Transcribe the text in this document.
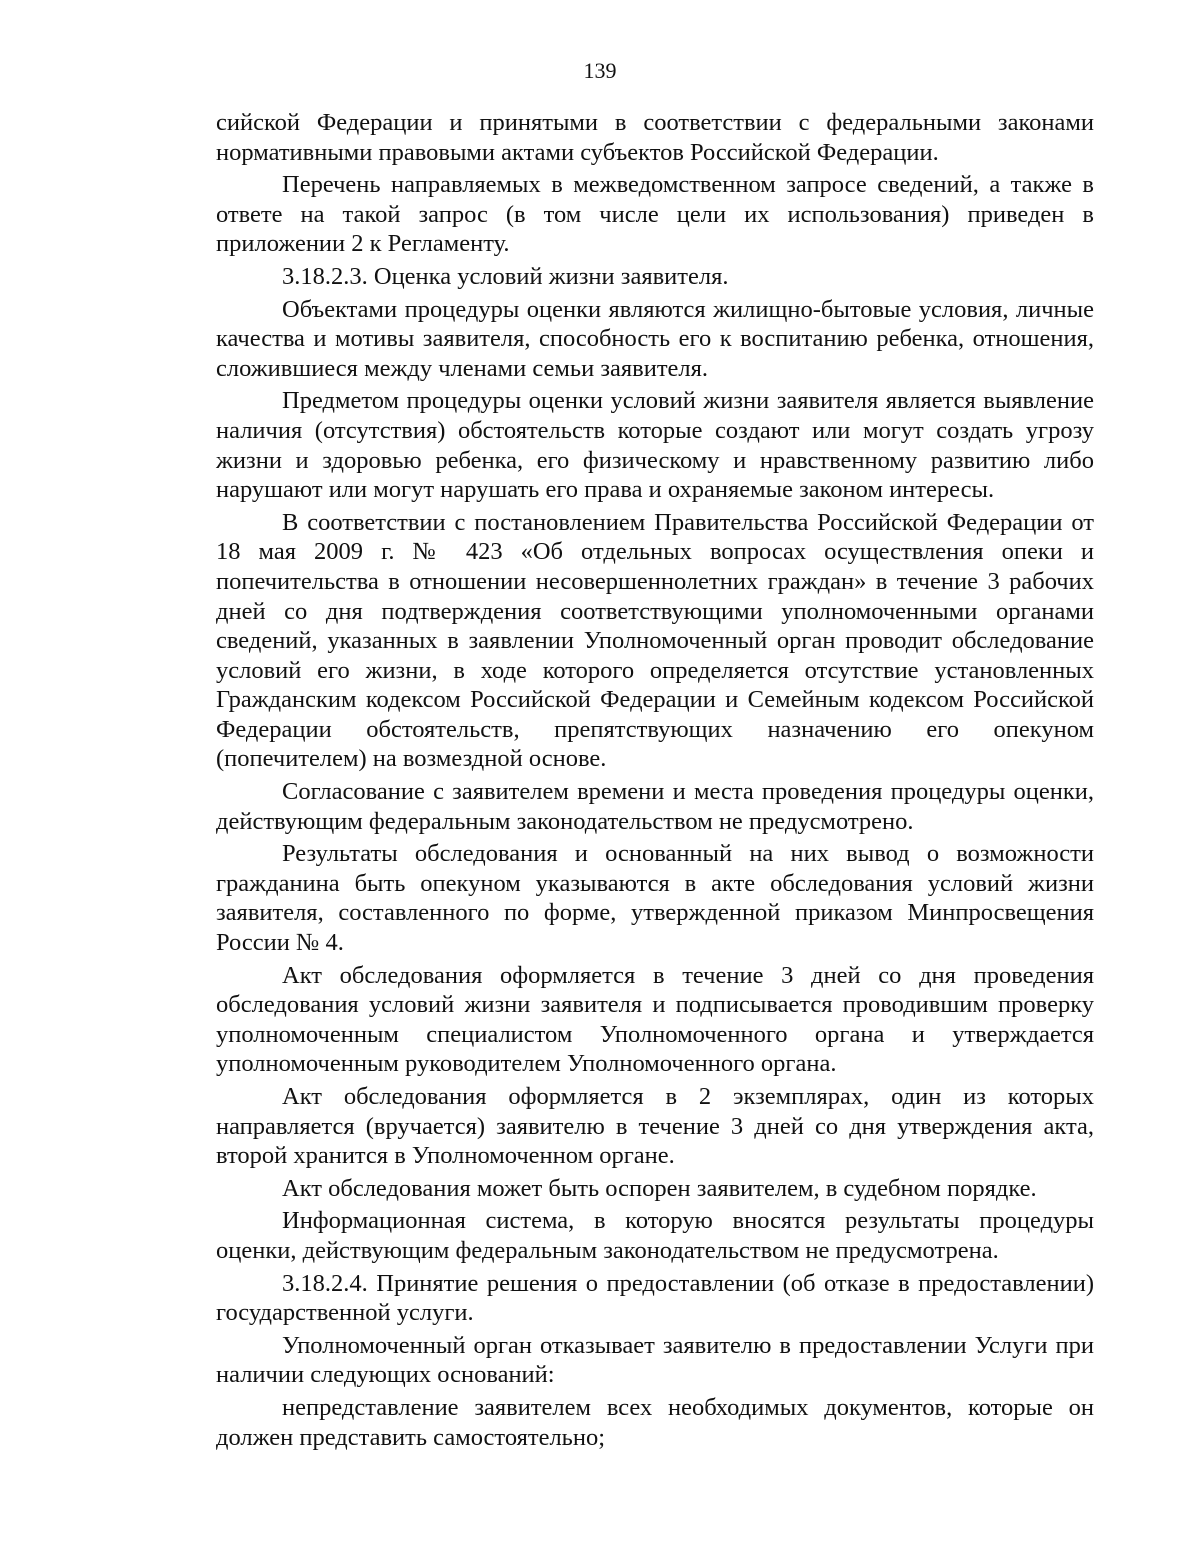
139

сийской Федерации и принятыми в соответствии с федеральными законами нормативными правовыми актами субъектов Российской Федерации.

Перечень направляемых в межведомственном запросе сведений, а также в ответе на такой запрос (в том числе цели их использования) приведен в приложении 2 к Регламенту.

3.18.2.3. Оценка условий жизни заявителя.

Объектами процедуры оценки являются жилищно-бытовые условия, личные качества и мотивы заявителя, способность его к воспитанию ребенка, отношения, сложившиеся между членами семьи заявителя.

Предметом процедуры оценки условий жизни заявителя является выявление наличия (отсутствия) обстоятельств которые создают или могут создать угрозу жизни и здоровью ребенка, его физическому и нравственному развитию либо нарушают или могут нарушать его права и охраняемые законом интересы.

В соответствии с постановлением Правительства Российской Федерации от 18 мая 2009 г. № 423 «Об отдельных вопросах осуществления опеки и попечительства в отношении несовершеннолетних граждан» в течение 3 рабочих дней со дня подтверждения соответствующими уполномоченными органами сведений, указанных в заявлении Уполномоченный орган проводит обследование условий его жизни, в ходе которого определяется отсутствие установленных Гражданским кодексом Российской Федерации и Семейным кодексом Российской Федерации обстоятельств, препятствующих назначению его опекуном (попечителем) на возмездной основе.

Согласование с заявителем времени и места проведения процедуры оценки, действующим федеральным законодательством не предусмотрено.

Результаты обследования и основанный на них вывод о возможности гражданина быть опекуном указываются в акте обследования условий жизни заявителя, составленного по форме, утвержденной приказом Минпросвещения России № 4.

Акт обследования оформляется в течение 3 дней со дня проведения обследования условий жизни заявителя и подписывается проводившим проверку уполномоченным специалистом Уполномоченного органа и утверждается уполномоченным руководителем Уполномоченного органа.

Акт обследования оформляется в 2 экземплярах, один из которых направляется (вручается) заявителю в течение 3 дней со дня утверждения акта, второй хранится в Уполномоченном органе.

Акт обследования может быть оспорен заявителем, в судебном порядке.

Информационная система, в которую вносятся результаты процедуры оценки, действующим федеральным законодательством не предусмотрена.

3.18.2.4. Принятие решения о предоставлении (об отказе в предоставлении) государственной услуги.

Уполномоченный орган отказывает заявителю в предоставлении Услуги при наличии следующих оснований:

непредставление заявителем всех необходимых документов, которые он должен представить самостоятельно;
